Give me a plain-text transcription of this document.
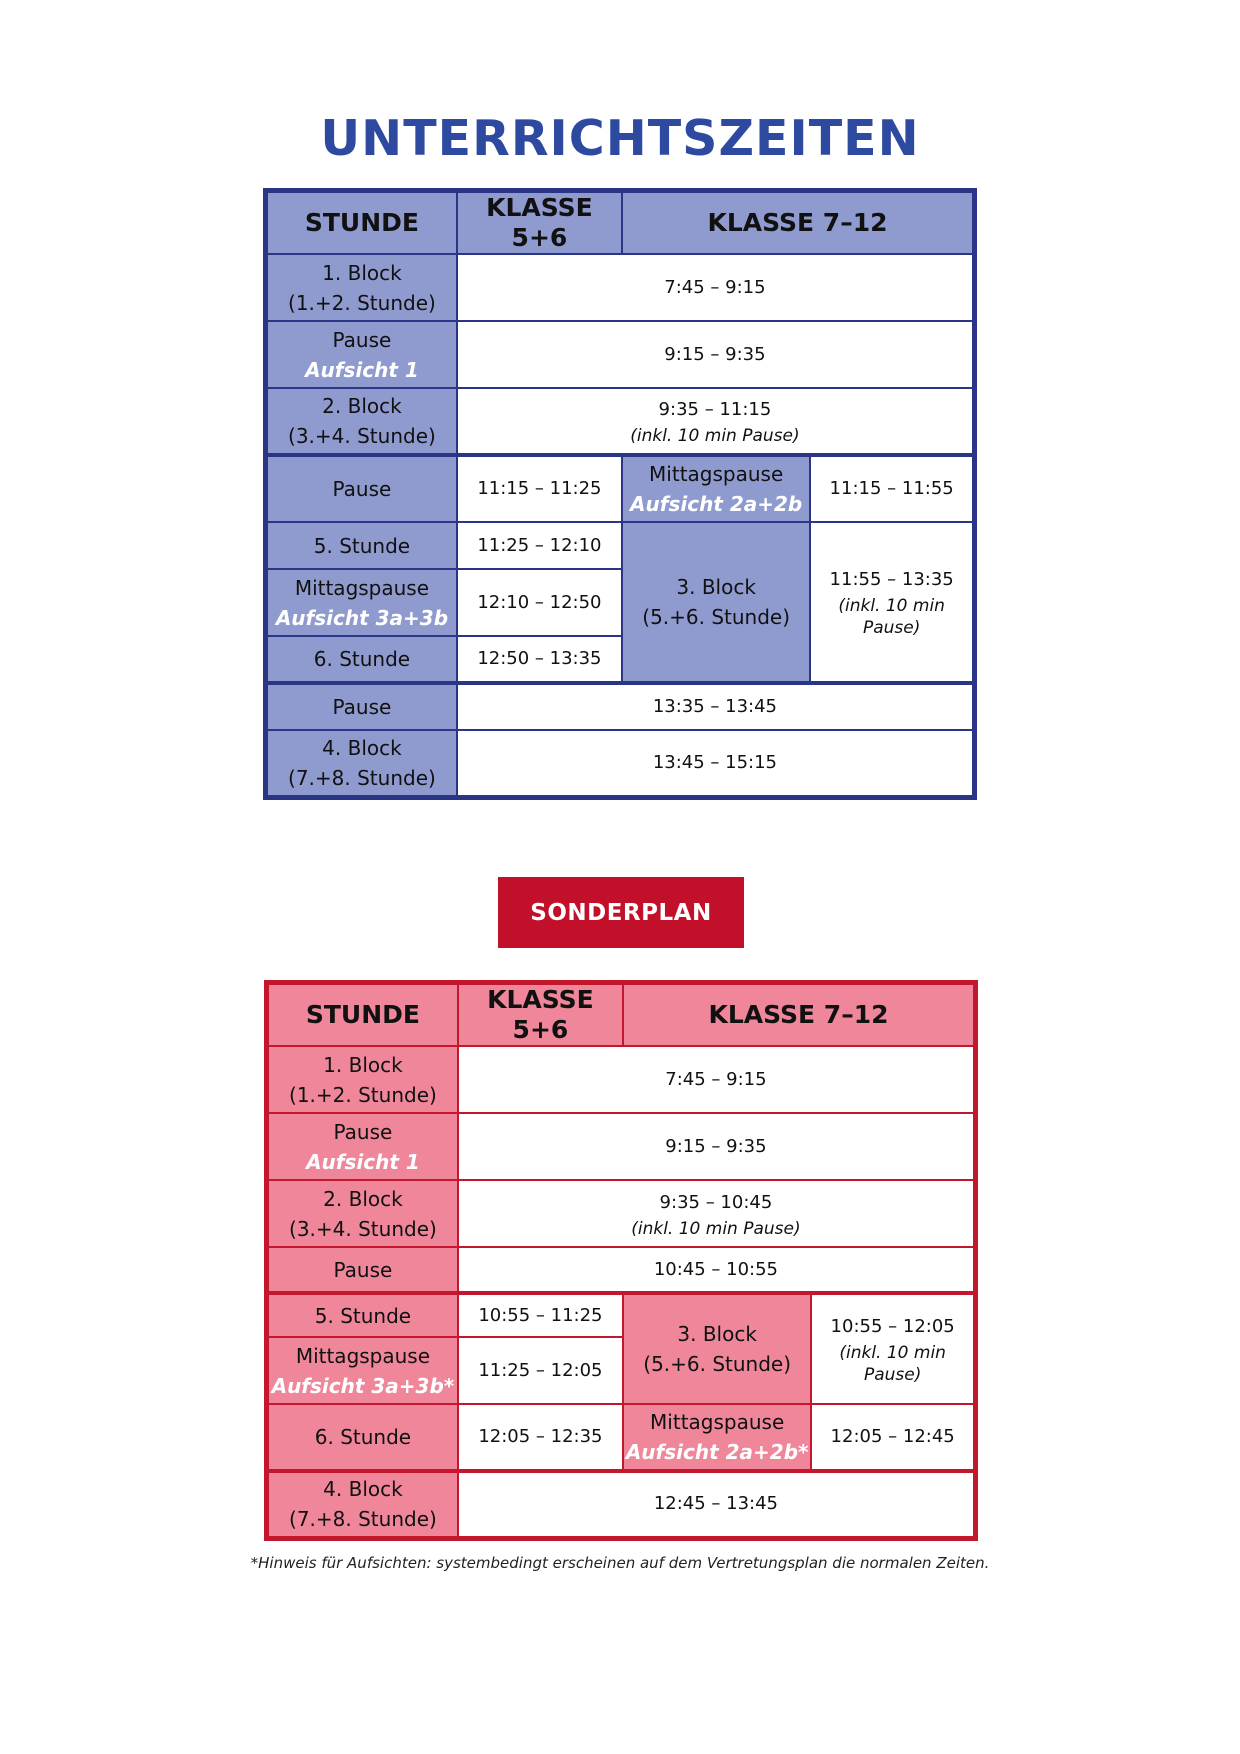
UNTERRICHTSZEITEN
STUNDE	KLASSE 5+6	KLASSE 7–12	

1. Block
(1.+2. Stunde)	7:45 – 9:15		

Pause
Aufsicht 1	9:15 – 9:35		

2. Block
(3.+4. Stunde)	9:35 – 11:15
(inkl. 10 min Pause)		

Pause	11:15 – 11:25	Mittagspause
Aufsicht 2a+2b	11:15 – 11:55
5. Stunde	11:25 – 12:10	3. Block
(5.+6. Stunde)	11:55 – 13:35
(inkl. 10 min Pause)

Mittagspause
Aufsicht 3a+3b	12:10 – 12:50		
6. Stunde	12:50 – 13:35		
Pause	13:35 – 13:45		

4. Block
(7.+8. Stunde)	13:45 – 15:15		
SONDERPLAN
STUNDE	KLASSE 5+6	KLASSE 7–12	

1. Block
(1.+2. Stunde)	7:45 – 9:15		

Pause
Aufsicht 1	9:15 – 9:35		

2. Block
(3.+4. Stunde)	9:35 – 10:45
(inkl. 10 min Pause)		

Pause	10:45 – 10:55		
5. Stunde	10:55 – 11:25	3. Block
(5.+6. Stunde)	10:55 – 12:05
(inkl. 10 min Pause)

Mittagspause
Aufsicht 3a+3b*	11:25 – 12:05		
6. Stunde	12:05 – 12:35	Mittagspause
Aufsicht 2a+2b*	12:05 – 12:45

4. Block
(7.+8. Stunde)	12:45 – 13:45		
*Hinweis für Aufsichten: systembedingt erscheinen auf dem Vertretungsplan die normalen Zeiten.
